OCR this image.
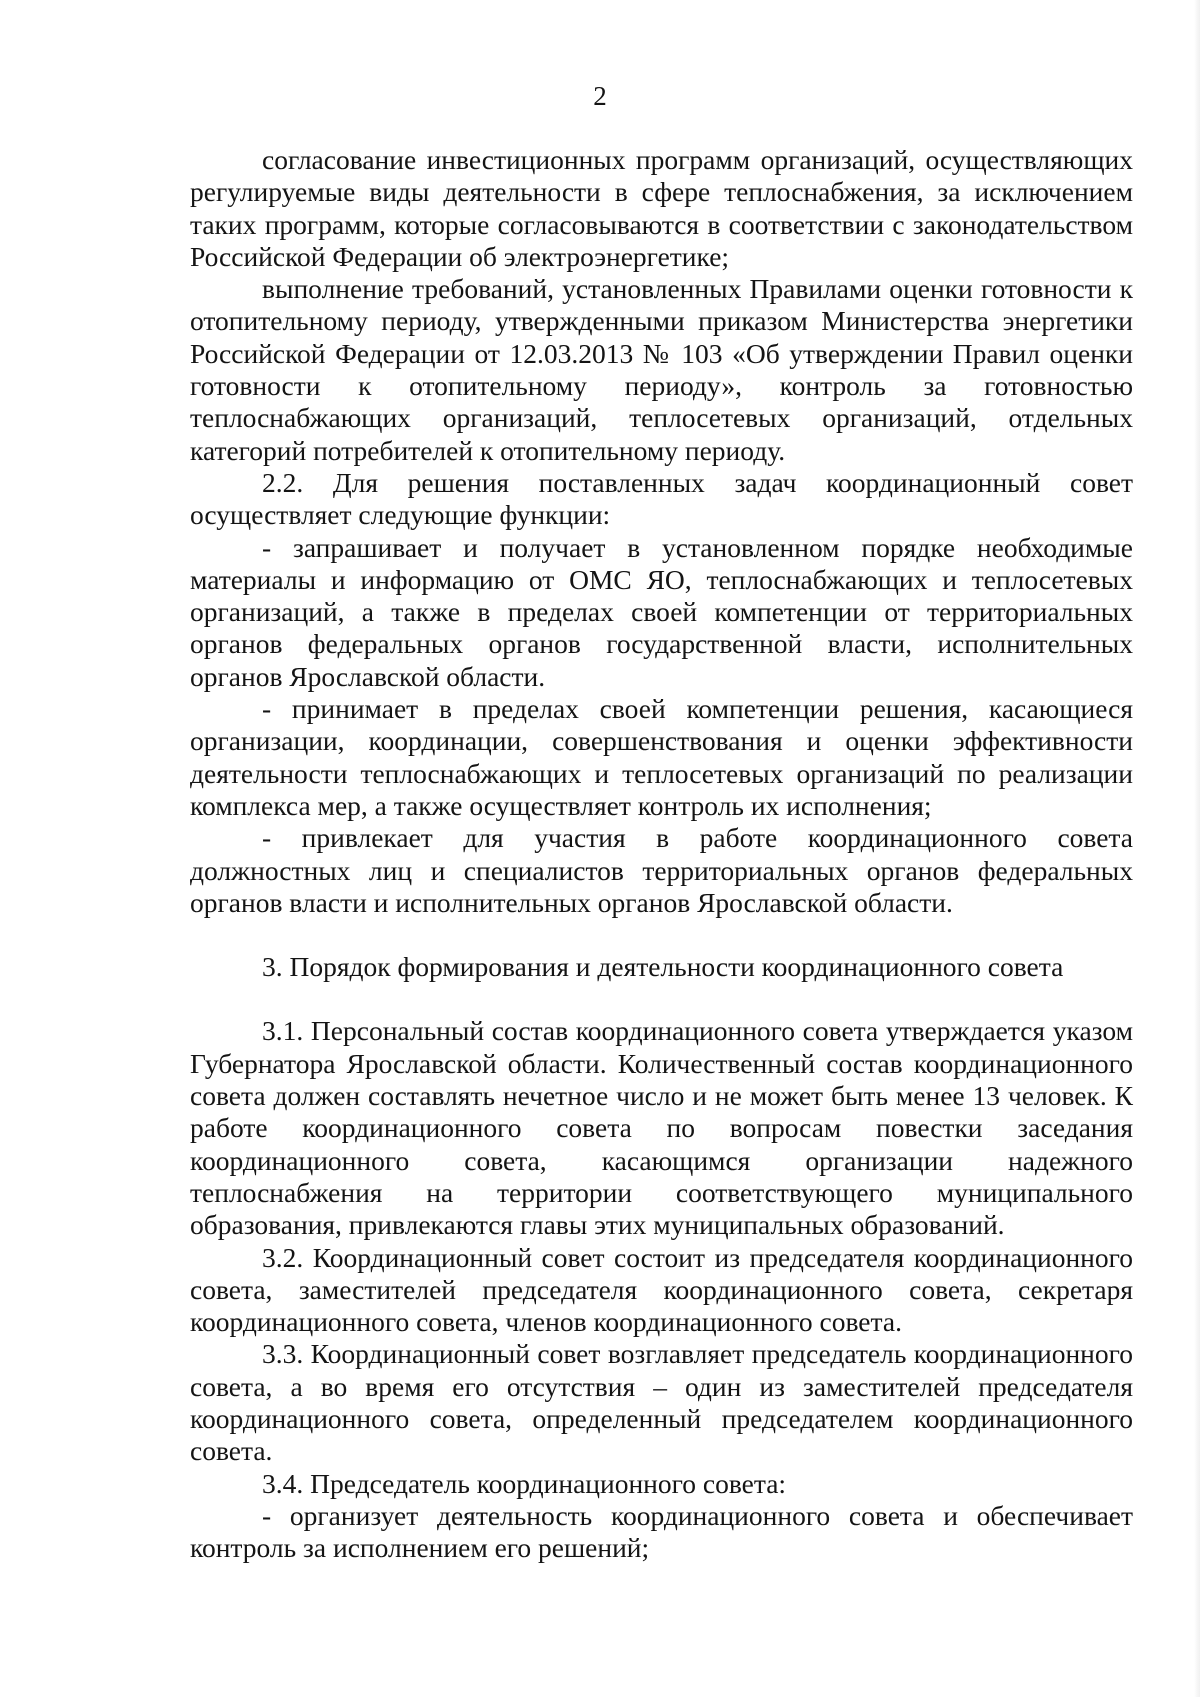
2

согласование инвестиционных программ организаций, осуществляющих регулируемые виды деятельности в сфере теплоснабжения, за исключением таких программ, которые согласовываются в соответствии с законодательством Российской Федерации об электроэнергетике;

выполнение требований, установленных Правилами оценки готовности к отопительному периоду, утвержденными приказом Министерства энергетики Российской Федерации от 12.03.2013 № 103 «Об утверждении Правил оценки готовности к отопительному периоду», контроль за готовностью теплоснабжающих организаций, теплосетевых организаций, отдельных категорий потребителей к отопительному периоду.

2.2. Для решения поставленных задач координационный совет осуществляет следующие функции:

- запрашивает и получает в установленном порядке необходимые материалы и информацию от ОМС ЯО, теплоснабжающих и теплосетевых организаций, а также в пределах своей компетенции от территориальных органов федеральных органов государственной власти, исполнительных органов Ярославской области.

- принимает в пределах своей компетенции решения, касающиеся организации, координации, совершенствования и оценки эффективности деятельности теплоснабжающих и теплосетевых организаций по реализации комплекса мер, а также осуществляет контроль их исполнения;

- привлекает для участия в работе координационного совета должностных лиц и специалистов территориальных органов федеральных органов власти и исполнительных органов Ярославской области.

3. Порядок формирования и деятельности координационного совета

3.1. Персональный состав координационного совета утверждается указом Губернатора Ярославской области. Количественный состав координационного совета должен составлять нечетное число и не может быть менее 13 человек. К работе координационного совета по вопросам повестки заседания координационного совета, касающимся организации надежного теплоснабжения на территории соответствующего муниципального образования, привлекаются главы этих муниципальных образований.

3.2. Координационный совет состоит из председателя координационного совета, заместителей председателя координационного совета, секретаря координационного совета, членов координационного совета.

3.3. Координационный совет возглавляет председатель координационного совета, а во время его отсутствия – один из заместителей председателя координационного совета, определенный председателем координационного совета.

3.4. Председатель координационного совета:

- организует деятельность координационного совета и обеспечивает контроль за исполнением его решений;
